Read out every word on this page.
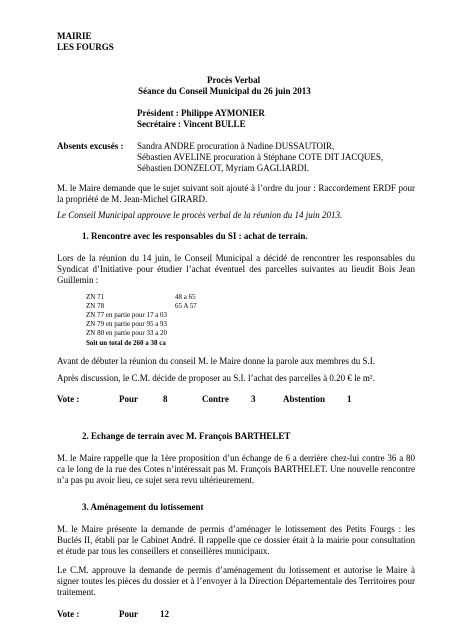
MAIRIE
LES FOURGS
Procès Verbal
Séance du Conseil Municipal du 26 juin 2013
Président : Philippe AYMONIER
Secrétaire : Vincent BULLE
Absents excusés : Sandra ANDRE procuration à Nadine DUSSAUTOIR,
Sébastien AVELINE procuration à Stéphane COTE DIT JACQUES,
Sébastien DONZELOT, Myriam GAGLIARDI.
M. le Maire demande que le sujet suivant soit ajouté à l’ordre du jour : Raccordement ERDF pour la propriété de M. Jean-Michel GIRARD.
Le Conseil Municipal approuve le procès verbal de la réunion du 14 juin 2013.
1. Rencontre avec les responsables du SI : achat de terrain.
Lors de la réunion du 14 juin, le Conseil Municipal a décidé de rencontrer les responsables du Syndicat d’Initiative pour étudier l’achat éventuel des parcelles suivantes au lieudit Bois Jean Guillemin :
ZN 71	48 a 65
ZN 78	65 A 57
ZN 77 en partie pour 17 a 03
ZN 79 en partie pour 95 a 93
ZN 80 en partie pour 33 a 20
Soit un total de 260 a 38 ca
Avant de débuter la réunion du conseil M. le Maire donne la parole aux membres du S.I.
Après discussion, le C.M. décide de proposer au S.I. l’achat des parcelles à 0.20 € le m².
Vote :	Pour	8	Contre 3	Abstention 1
2. Echange de terrain avec M. François BARTHELET
M. le Maire rappelle que la 1ère proposition d’un échange de 6 a derrière chez-lui contre 36 a 80 ca le long de la rue des Cotes n’intéressait pas M. François BARTHELET. Une nouvelle rencontre n’a pas pu avoir lieu, ce sujet sera revu ultérieurement.
3. Aménagement du lotissement
M. le Maire présente la demande de permis d’aménager le lotissement des Petits Fourgs : les Buclés II, établi par le Cabinet André. Il rappelle que ce dossier était à la mairie pour consultation et étude par tous les conseillers et conseillères municipaux.
Le C.M. approuve la demande de permis d’aménagement du lotissement et autorise le Maire à signer toutes les pièces du dossier et à l’envoyer à la Direction Départementale des Territoires pour traitement.
Vote :	Pour 12
